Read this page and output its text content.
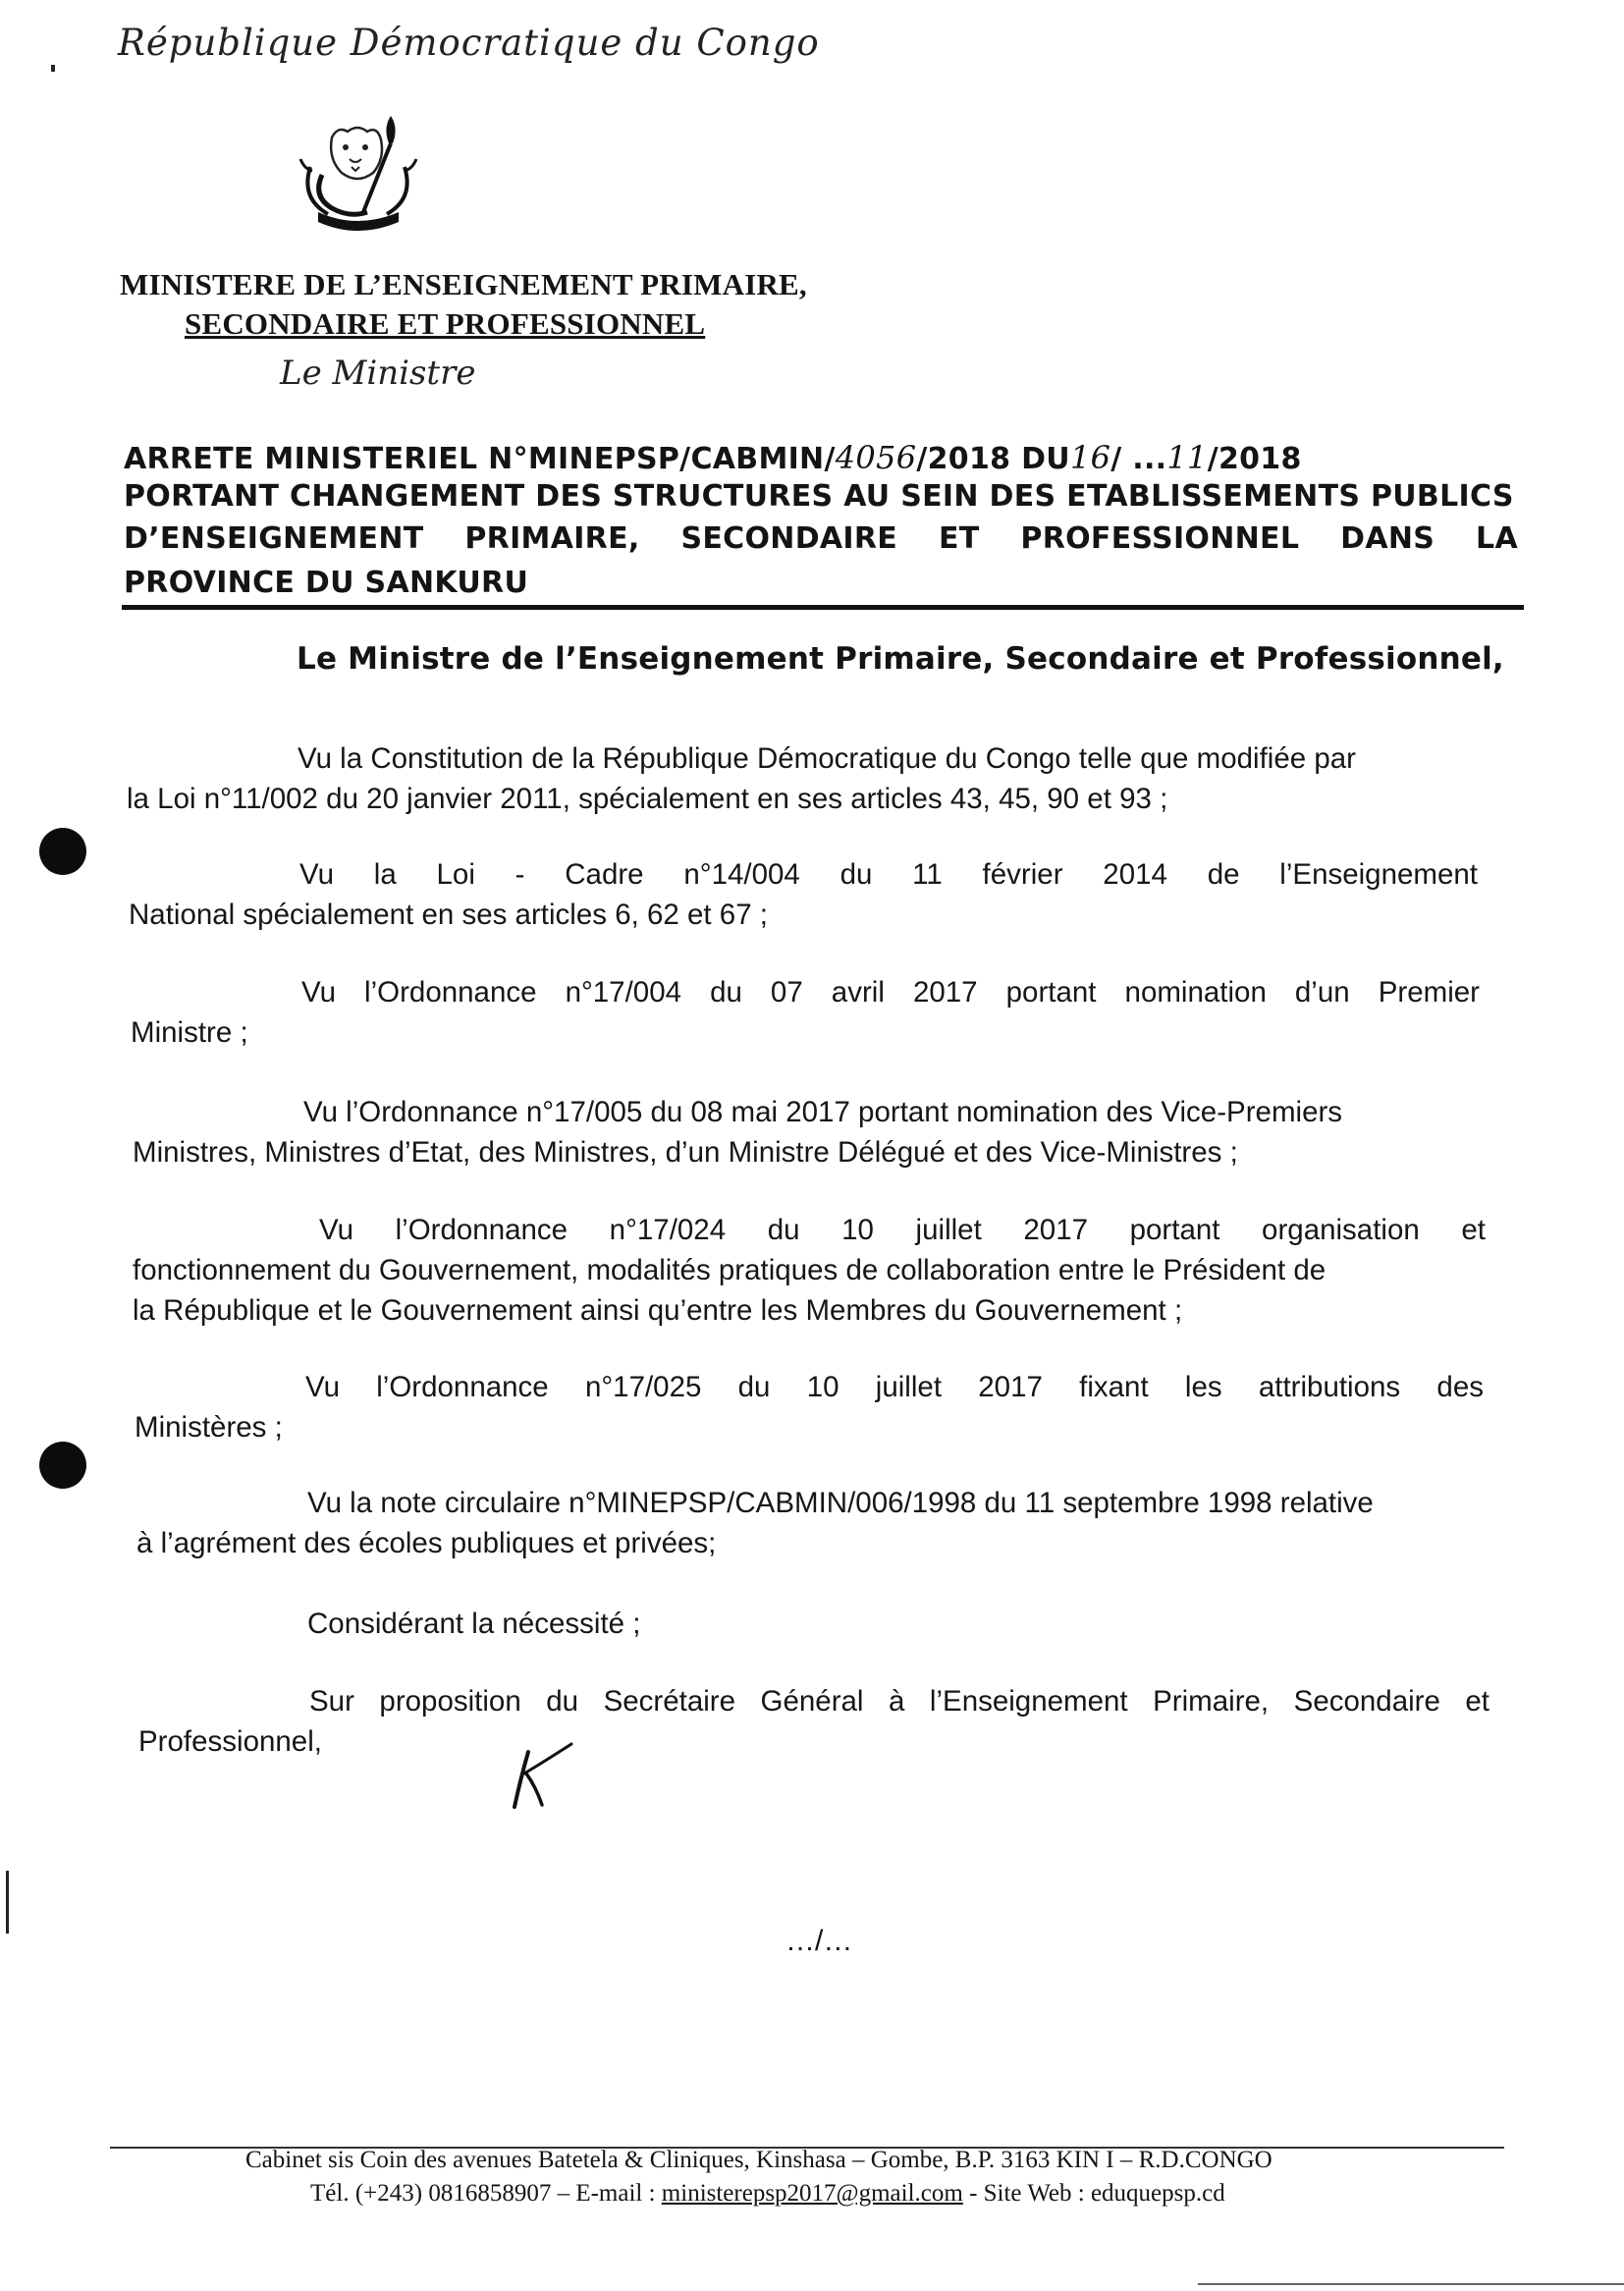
République Démocratique du Congo
MINISTERE DE L’ENSEIGNEMENT PRIMAIRE,
SECONDAIRE ET PROFESSIONNEL
Le Ministre
ARRETE MINISTERIEL N°MINEPSP/CABMIN/4056/2018 DU16/ ...11/2018
PORTANT CHANGEMENT DES STRUCTURES AU SEIN DES ETABLISSEMENTS PUBLICS
D’ENSEIGNEMENT PRIMAIRE, SECONDAIRE ET PROFESSIONNEL DANS LA
PROVINCE DU SANKURU
Le Ministre de l’Enseignement Primaire, Secondaire et Professionnel,
Vu la Constitution de la République Démocratique du Congo telle que modifiée par
la Loi n°11/002 du 20 janvier 2011, spécialement en ses articles 43, 45, 90 et 93 ;
Vu la Loi - Cadre n°14/004 du 11 février 2014 de l’Enseignement
National spécialement en ses articles 6, 62 et 67 ;
Vu l’Ordonnance n°17/004 du 07 avril 2017 portant nomination d’un Premier
Ministre ;
Vu l’Ordonnance n°17/005 du 08 mai 2017 portant nomination des Vice-Premiers
Ministres, Ministres d’Etat, des Ministres, d’un Ministre Délégué et des Vice-Ministres ;
Vu l’Ordonnance n°17/024 du 10 juillet 2017 portant organisation et
fonctionnement du Gouvernement, modalités pratiques de collaboration entre le Président de
la République et le Gouvernement ainsi qu’entre les Membres du Gouvernement ;
Vu l’Ordonnance n°17/025 du 10 juillet 2017 fixant les attributions des
Ministères ;
Vu la note circulaire n°MINEPSP/CABMIN/006/1998 du 11 septembre 1998 relative
à l’agrément des écoles publiques et privées;
Considérant la nécessité ;
Sur proposition du Secrétaire Général à l’Enseignement Primaire, Secondaire et
Professionnel,
…/…
Cabinet sis Coin des avenues Batetela & Cliniques, Kinshasa – Gombe, B.P. 3163 KIN I – R.D.CONGO
Tél. (+243) 0816858907 – E-mail : ministerepsp2017@gmail.com - Site Web : eduquepsp.cd
